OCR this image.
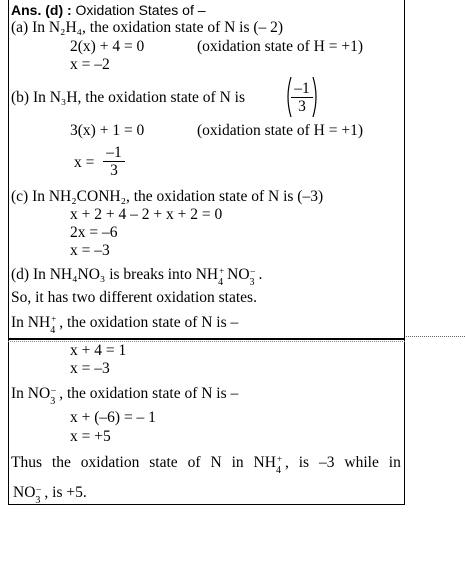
Ans. (d) : Oxidation States of –
(a) In N₂H₄, the oxidation state of N is (– 2)
2(x) + 4 = 0	(oxidation state of H = +1)
x = –2
(b) In N₃H, the oxidation state of N is	$\frac{-1}{3}$
3(x) + 1 = 0	(oxidation state of H = +1)
$x = \frac{-1}{3}$
(c) In NH₂CONH₂, the oxidation state of N is (–3)
x + 2 + 4 – 2 + x + 2 = 0
2x = –6
x = –3
(d) In NH₄NO₃ is breaks into NH +
4 NO –
3 .
So, it has two different oxidation states.
In NH +
4 , the oxidation state of N is –
x + 4 = 1
x = –3
In NO –
3 , the oxidation state of N is –
x + (–6) = – 1
x = +5
Thus the oxidation state of N in NH +
4 , is –3 while in
NO –
3 , is +5.
